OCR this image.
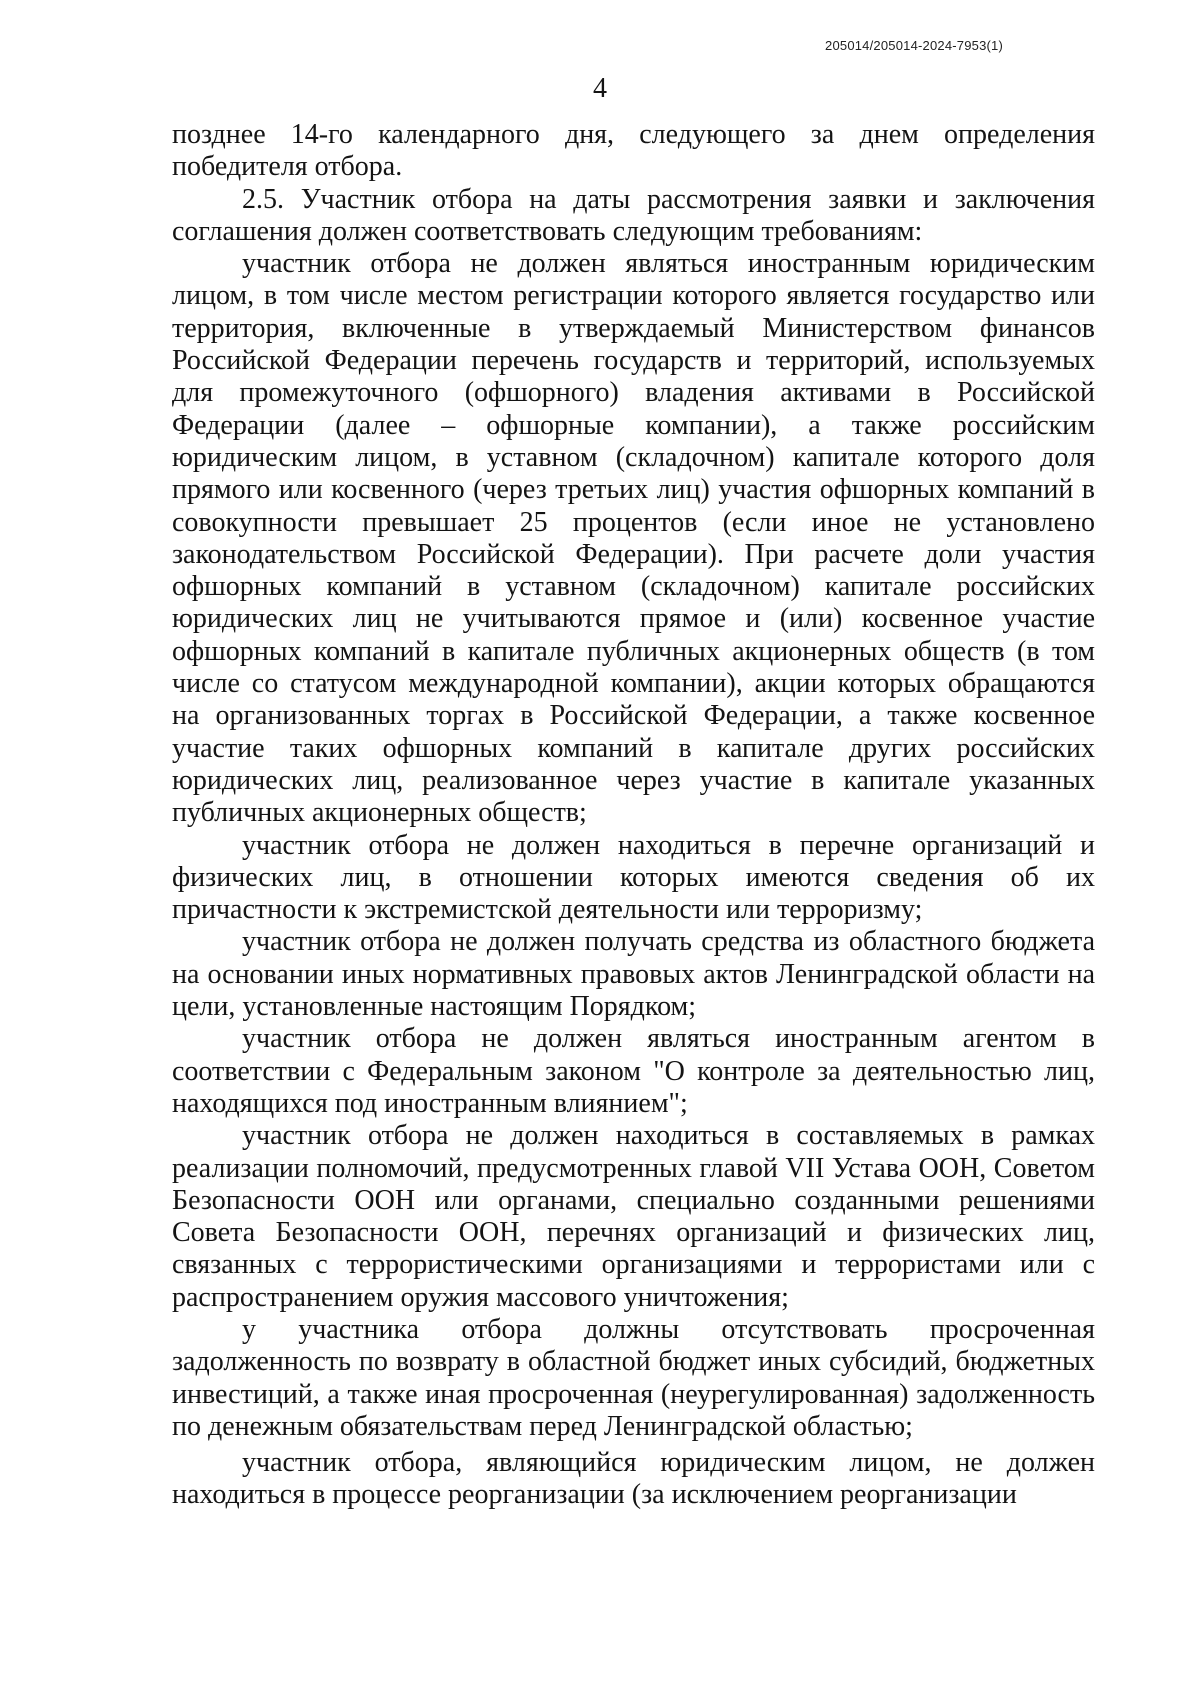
205014/205014-2024-7953(1)
4

позднее 14-го календарного дня, следующего за днем определения победителя отбора.

2.5. Участник отбора на даты рассмотрения заявки и заключения соглашения должен соответствовать следующим требованиям:

участник отбора не должен являться иностранным юридическим лицом, в том числе местом регистрации которого является государство или территория, включенные в утверждаемый Министерством финансов Российской Федерации перечень государств и территорий, используемых для промежуточного (офшорного) владения активами в Российской Федерации (далее – офшорные компании), а также российским юридическим лицом, в уставном (складочном) капитале которого доля прямого или косвенного (через третьих лиц) участия офшорных компаний в совокупности превышает 25 процентов (если иное не установлено законодательством Российской Федерации). При расчете доли участия офшорных компаний в уставном (складочном) капитале российских юридических лиц не учитываются прямое и (или) косвенное участие офшорных компаний в капитале публичных акционерных обществ (в том числе со статусом международной компании), акции которых обращаются на организованных торгах в Российской Федерации, а также косвенное участие таких офшорных компаний в капитале других российских юридических лиц, реализованное через участие в капитале указанных публичных акционерных обществ;

участник отбора не должен находиться в перечне организаций и физических лиц, в отношении которых имеются сведения об их причастности к экстремистской деятельности или терроризму;

участник отбора не должен получать средства из областного бюджета на основании иных нормативных правовых актов Ленинградской области на цели, установленные настоящим Порядком;

участник отбора не должен являться иностранным агентом в соответствии с Федеральным законом "О контроле за деятельностью лиц, находящихся под иностранным влиянием";

участник отбора не должен находиться в составляемых в рамках реализации полномочий, предусмотренных главой VII Устава ООН, Советом Безопасности ООН или органами, специально созданными решениями Совета Безопасности ООН, перечнях организаций и физических лиц, связанных с террористическими организациями и террористами или с распространением оружия массового уничтожения;

у участника отбора должны отсутствовать просроченная задолженность по возврату в областной бюджет иных субсидий, бюджетных инвестиций, а также иная просроченная (неурегулированная) задолженность по денежным обязательствам перед Ленинградской областью;

участник отбора, являющийся юридическим лицом, не должен находиться в процессе реорганизации (за исключением реорганизации
